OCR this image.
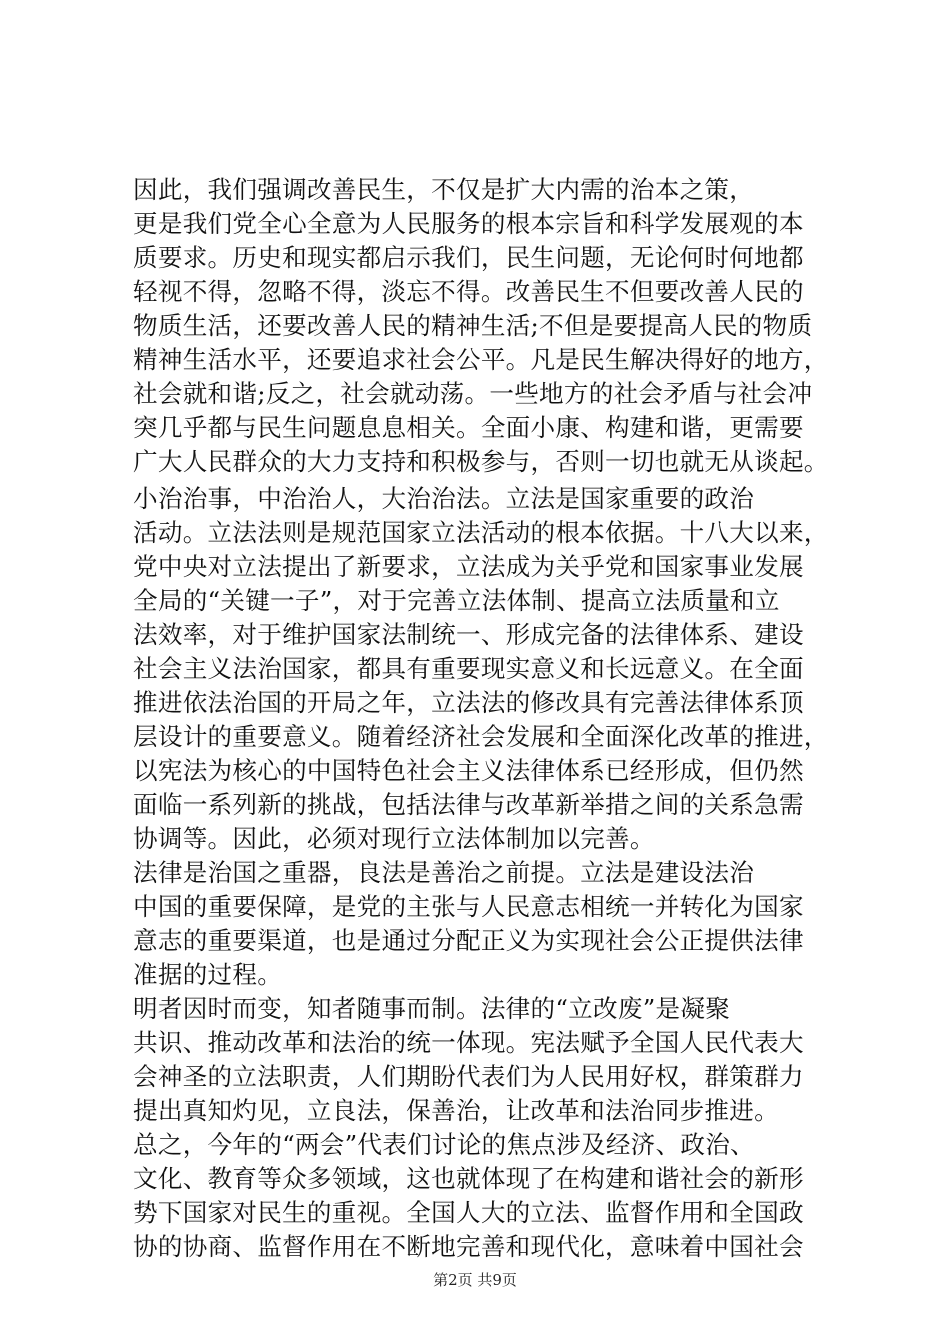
因此，我们强调改善民生，不仅是扩大内需的治本之策，
更是我们党全心全意为人民服务的根本宗旨和科学发展观的本
质要求。历史和现实都启示我们，民生问题，无论何时何地都
轻视不得，忽略不得，淡忘不得。改善民生不但要改善人民的
物质生活，还要改善人民的精神生活;不但是要提高人民的物质
精神生活水平，还要追求社会公平。凡是民生解决得好的地方，
社会就和谐;反之，社会就动荡。一些地方的社会矛盾与社会冲
突几乎都与民生问题息息相关。全面小康、构建和谐，更需要
广大人民群众的大力支持和积极参与，否则一切也就无从谈起。
小治治事，中治治人，大治治法。立法是国家重要的政治
活动。立法法则是规范国家立法活动的根本依据。十八大以来，
党中央对立法提出了新要求，立法成为关乎党和国家事业发展
全局的“关键一子”，对于完善立法体制、提高立法质量和立
法效率，对于维护国家法制统一、形成完备的法律体系、建设
社会主义法治国家，都具有重要现实意义和长远意义。在全面
推进依法治国的开局之年，立法法的修改具有完善法律体系顶
层设计的重要意义。随着经济社会发展和全面深化改革的推进，
以宪法为核心的中国特色社会主义法律体系已经形成，但仍然
面临一系列新的挑战，包括法律与改革新举措之间的关系急需
协调等。因此，必须对现行立法体制加以完善。
法律是治国之重器，良法是善治之前提。立法是建设法治
中国的重要保障，是党的主张与人民意志相统一并转化为国家
意志的重要渠道，也是通过分配正义为实现社会公正提供法律
准据的过程。
明者因时而变，知者随事而制。法律的“立改废”是凝聚
共识、推动改革和法治的统一体现。宪法赋予全国人民代表大
会神圣的立法职责，人们期盼代表们为人民用好权，群策群力
提出真知灼见，立良法，保善治，让改革和法治同步推进。
总之，今年的“两会”代表们讨论的焦点涉及经济、政治、
文化、教育等众多领域，这也就体现了在构建和谐社会的新形
势下国家对民生的重视。全国人大的立法、监督作用和全国政
协的协商、监督作用在不断地完善和现代化，意味着中国社会
第2页 共9页
